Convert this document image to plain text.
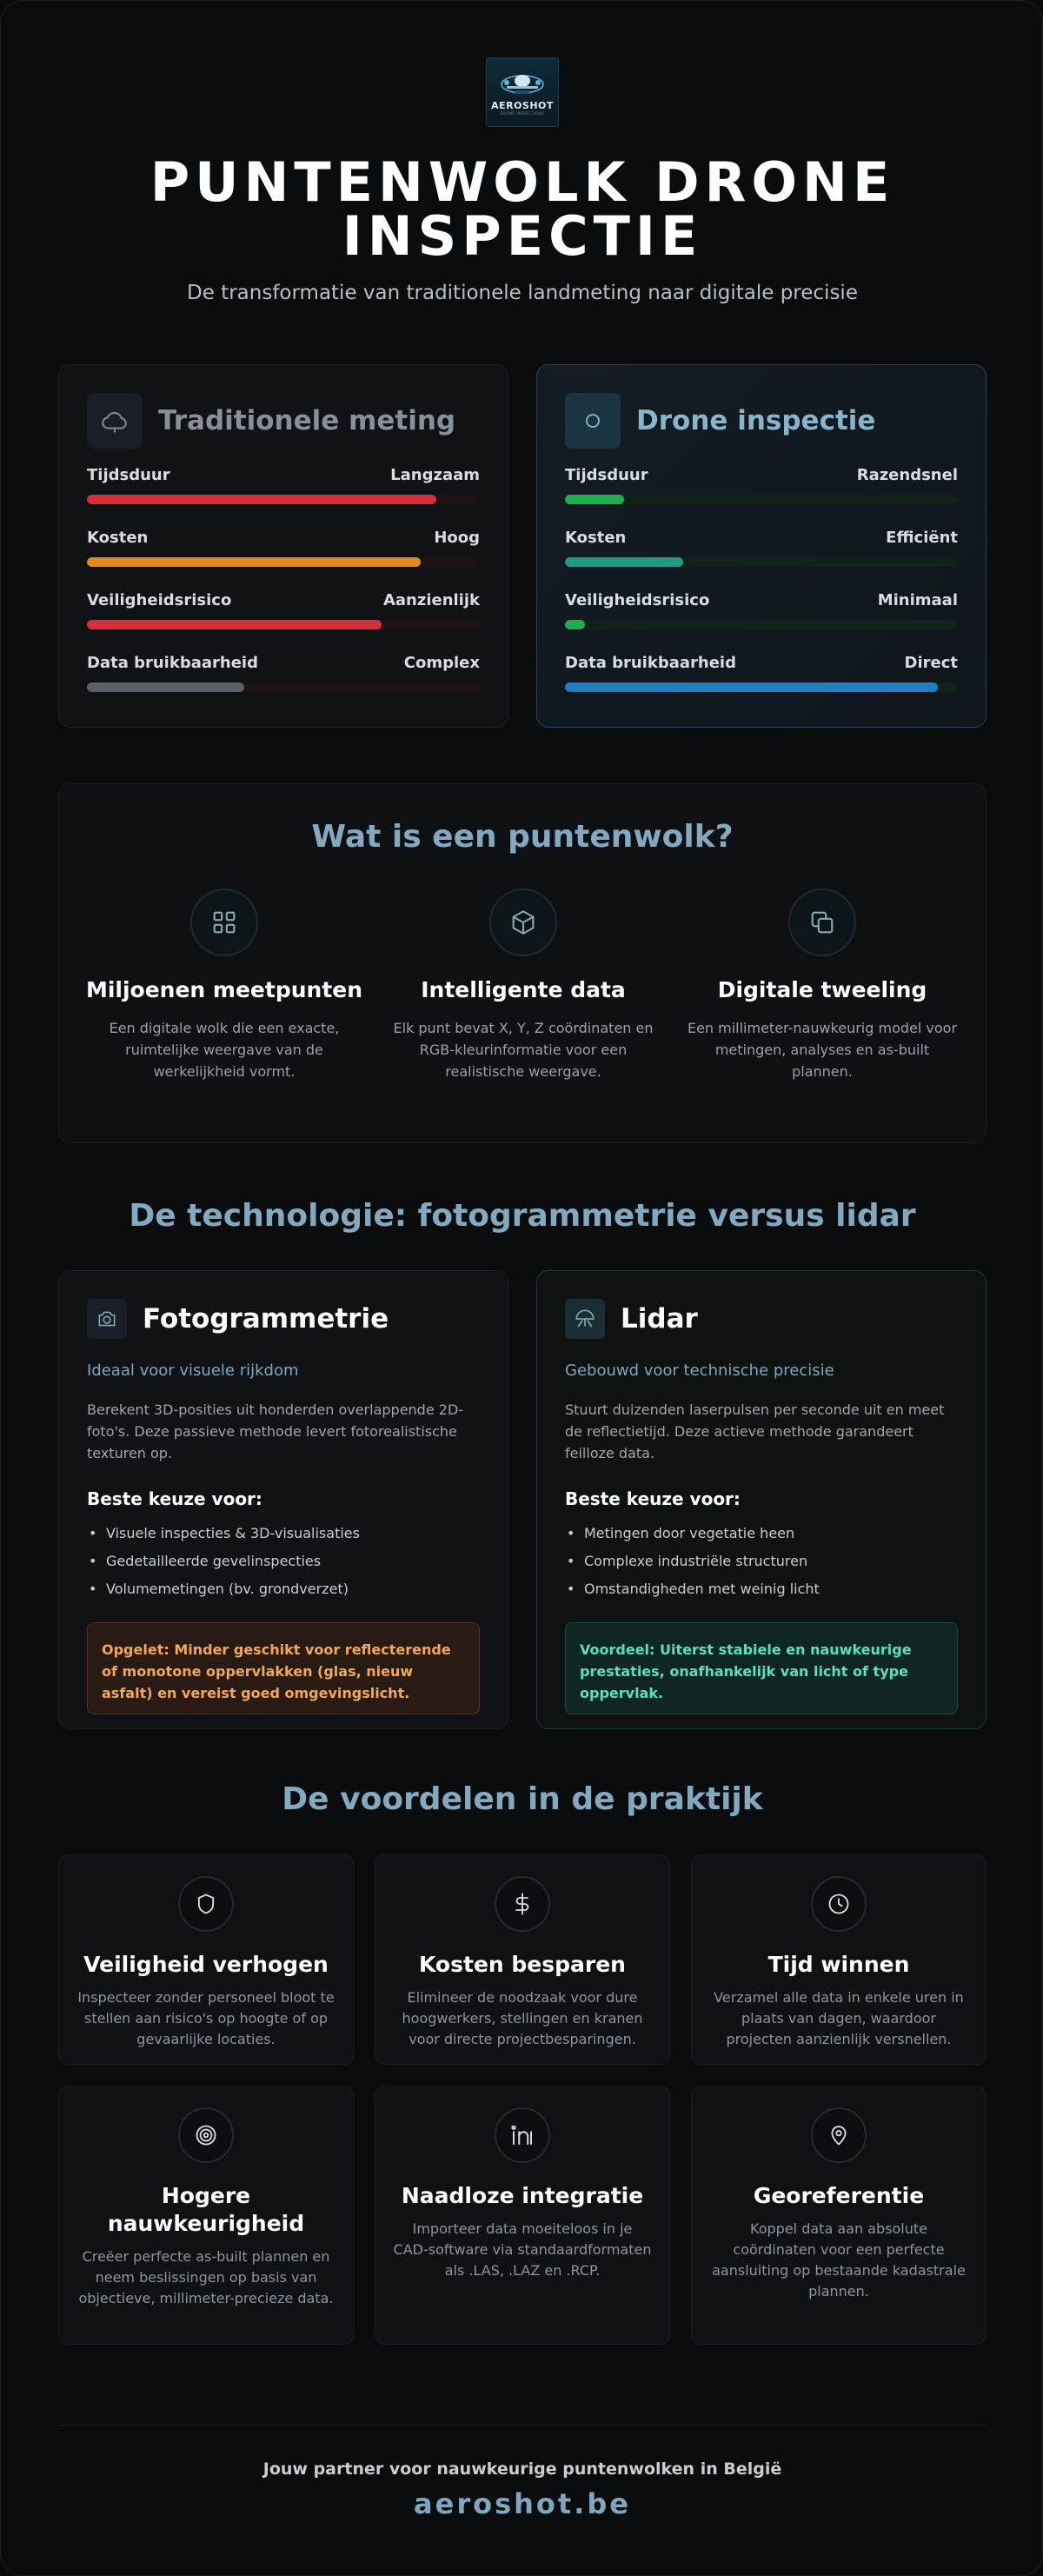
AEROSHOT
DRONE INSPECTIONS
PUNTENWOLK DRONE INSPECTIE
De transformatie van traditionele landmeting naar digitale precisie
Traditionele meting
Tijdsduur	Langzaam
Kosten	Hoog
Veiligheidsrisico	Aanzienlijk
Data bruikbaarheid	Complex
Drone inspectie
Tijdsduur	Razendsnel
Kosten	Efficiënt
Veiligheidsrisico	Minimaal
Data bruikbaarheid	Direct
Wat is een puntenwolk?
Miljoenen meetpunten

Een digitale wolk die een exacte, ruimtelijke weergave van de werkelijkheid vormt.

Intelligente data

Elk punt bevat X, Y, Z coördinaten en RGB-kleurinformatie voor een realistische weergave.

Digitale tweeling

Een millimeter-nauwkeurig model voor metingen, analyses en as-built plannen.

De technologie: fotogrammetrie versus lidar
Fotogrammetrie
Ideaal voor visuele rijkdom
Berekent 3D-posities uit honderden overlappende 2D-foto's. Deze passieve methode levert fotorealistische texturen op.
Beste keuze voor:
• Visuele inspecties & 3D-visualisaties
• Gedetailleerde gevelinspecties
• Volumemetingen (bv. grondverzet)
Opgelet: Minder geschikt voor reflecterende of monotone oppervlakken (glas, nieuw asfalt) en vereist goed omgevingslicht.
Lidar
Gebouwd voor technische precisie
Stuurt duizenden laserpulsen per seconde uit en meet de reflectietijd. Deze actieve methode garandeert feilloze data.
Beste keuze voor:
• Metingen door vegetatie heen
• Complexe industriële structuren
• Omstandigheden met weinig licht
Voordeel: Uiterst stabiele en nauwkeurige prestaties, onafhankelijk van licht of type oppervlak.
De voordelen in de praktijk
Veiligheid verhogen

Inspecteer zonder personeel bloot te stellen aan risico's op hoogte of op gevaarlijke locaties.

Kosten besparen

Elimineer de noodzaak voor dure hoogwerkers, stellingen en kranen voor directe projectbesparingen.

Tijd winnen

Verzamel alle data in enkele uren in plaats van dagen, waardoor projecten aanzienlijk versnellen.

Hogere nauwkeurigheid

Creëer perfecte as-built plannen en neem beslissingen op basis van objectieve, millimeter-precieze data.

Naadloze integratie

Importeer data moeiteloos in je CAD-software via standaardformaten als .LAS, .LAZ en .RCP.

Georeferentie

Koppel data aan absolute coördinaten voor een perfecte aansluiting op bestaande kadastrale plannen.

Jouw partner voor nauwkeurige puntenwolken in België
aeroshot.be
